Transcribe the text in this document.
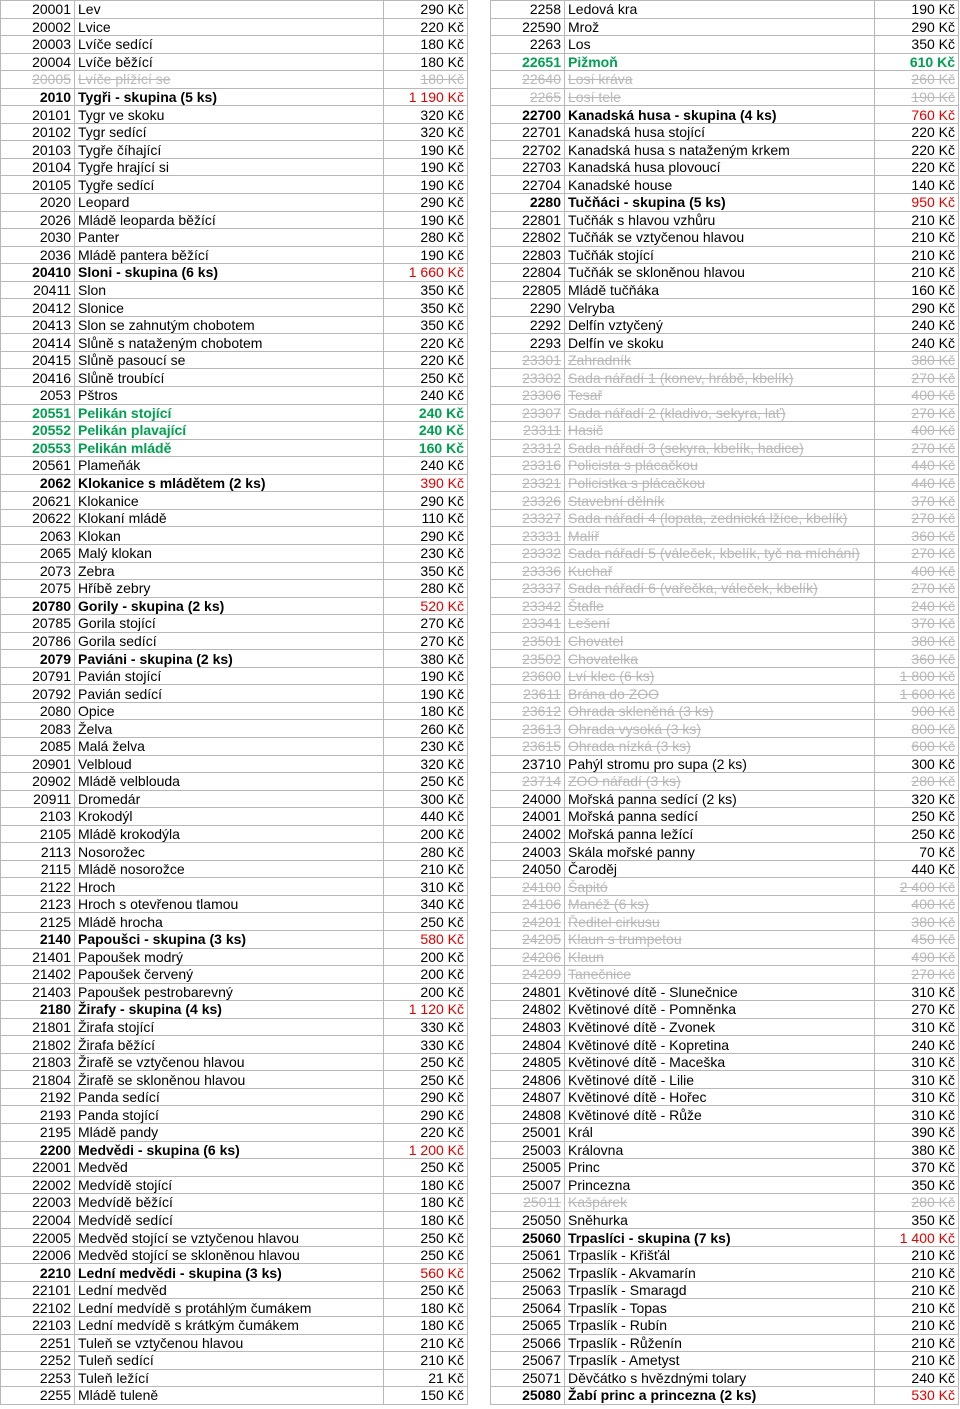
20001	Lev	290 Kč
20002	Lvice	220 Kč
20003	Lvíče sedící	180 Kč
20004	Lvíče běžící	180 Kč
20005	Lvíče plížící se	180 Kč
2010	Tygři - skupina (5 ks)	1 190 Kč
20101	Tygr ve skoku	320 Kč
20102	Tygr sedící	320 Kč
20103	Tygře číhající	190 Kč
20104	Tygře hrající si	190 Kč
20105	Tygře sedící	190 Kč
2020	Leopard	290 Kč
2026	Mládě leoparda běžící	190 Kč
2030	Panter	280 Kč
2036	Mládě pantera běžící	190 Kč
20410	Sloni - skupina (6 ks)	1 660 Kč
20411	Slon	350 Kč
20412	Slonice	350 Kč
20413	Slon se zahnutým chobotem	350 Kč
20414	Slůně s nataženým chobotem	220 Kč
20415	Slůně pasoucí se	220 Kč
20416	Slůně troubící	250 Kč
2053	Pštros	240 Kč
20551	Pelikán stojící	240 Kč
20552	Pelikán plavající	240 Kč
20553	Pelikán mládě	160 Kč
20561	Plameňák	240 Kč
2062	Klokanice s mládětem (2 ks)	390 Kč
20621	Klokanice	290 Kč
20622	Klokaní mládě	110 Kč
2063	Klokan	290 Kč
2065	Malý klokan	230 Kč
2073	Zebra	350 Kč
2075	Hříbě zebry	280 Kč
20780	Gorily - skupina (2 ks)	520 Kč
20785	Gorila stojící	270 Kč
20786	Gorila sedící	270 Kč
2079	Paviáni - skupina (2 ks)	380 Kč
20791	Pavián stojící	190 Kč
20792	Pavián sedící	190 Kč
2080	Opice	180 Kč
2083	Želva	260 Kč
2085	Malá želva	230 Kč
20901	Velbloud	320 Kč
20902	Mládě velblouda	250 Kč
20911	Dromedár	300 Kč
2103	Krokodýl	440 Kč
2105	Mládě krokodýla	200 Kč
2113	Nosorožec	280 Kč
2115	Mládě nosorožce	210 Kč
2122	Hroch	310 Kč
2123	Hroch s otevřenou tlamou	340 Kč
2125	Mládě hrocha	250 Kč
2140	Papoušci - skupina (3 ks)	580 Kč
21401	Papoušek modrý	200 Kč
21402	Papoušek červený	200 Kč
21403	Papoušek pestrobarevný	200 Kč
2180	Žirafy - skupina (4 ks)	1 120 Kč
21801	Žirafa stojící	330 Kč
21802	Žirafa běžící	330 Kč
21803	Žirafě se vztyčenou hlavou	250 Kč
21804	Žirafě se skloněnou hlavou	250 Kč
2192	Panda sedící	290 Kč
2193	Panda stojící	290 Kč
2195	Mládě pandy	220 Kč
2200	Medvědi - skupina (6 ks)	1 200 Kč
22001	Medvěd	250 Kč
22002	Medvídě stojící	180 Kč
22003	Medvídě běžící	180 Kč
22004	Medvídě sedící	180 Kč
22005	Medvěd stojící se vztyčenou hlavou	250 Kč
22006	Medvěd stojící se skloněnou hlavou	250 Kč
2210	Lední medvědi - skupina (3 ks)	560 Kč
22101	Lední medvěd	250 Kč
22102	Lední medvídě s protáhlým čumákem	180 Kč
22103	Lední medvídě s krátkým čumákem	180 Kč
2251	Tuleň se vztyčenou hlavou	210 Kč
2252	Tuleň sedící	210 Kč
2253	Tuleň ležící	21 Kč
2255	Mládě tuleně	150 Kč
2258	Ledová kra	190 Kč
22590	Mrož	290 Kč
2263	Los	350 Kč
22651	Pižmoň	610 Kč
22640	Losí kráva	260 Kč
2265	Losí tele	190 Kč
22700	Kanadská husa - skupina (4 ks)	760 Kč
22701	Kanadská husa stojící	220 Kč
22702	Kanadská husa s nataženým krkem	220 Kč
22703	Kanadská husa plovoucí	220 Kč
22704	Kanadské house	140 Kč
2280	Tučňáci - skupina (5 ks)	950 Kč
22801	Tučňák s hlavou vzhůru	210 Kč
22802	Tučňák se vztyčenou hlavou	210 Kč
22803	Tučňák stojící	210 Kč
22804	Tučňák se skloněnou hlavou	210 Kč
22805	Mládě tučňáka	160 Kč
2290	Velryba	290 Kč
2292	Delfín vztyčený	240 Kč
2293	Delfín ve skoku	240 Kč
23301	Zahradník	380 Kč
23302	Sada nářadí 1 (konev, hrábě, kbelík)	270 Kč
23306	Tesař	400 Kč
23307	Sada nářadí 2 (kladivo, sekyra, lať)	270 Kč
23311	Hasič	400 Kč
23312	Sada nářadí 3 (sekyra, kbelík, hadice)	270 Kč
23316	Policista s plácačkou	440 Kč
23321	Policistka s plácačkou	440 Kč
23326	Stavební dělník	370 Kč
23327	Sada nářadí 4 (lopata, zednická lžíce, kbelík)	270 Kč
23331	Malíř	360 Kč
23332	Sada nářadí 5 (váleček, kbelík, tyč na míchání)	270 Kč
23336	Kuchař	400 Kč
23337	Sada nářadí 6 (vařečka, váleček, kbelík)	270 Kč
23342	Štafle	240 Kč
23341	Lešení	370 Kč
23501	Chovatel	380 Kč
23502	Chovatelka	360 Kč
23600	Lví klec (6 ks)	1 800 Kč
23611	Brána do ZOO	1 600 Kč
23612	Ohrada skleněná (3 ks)	900 Kč
23613	Ohrada vysoká (3 ks)	800 Kč
23615	Ohrada nízká (3 ks)	600 Kč
23710	Pahýl stromu pro supa (2 ks)	300 Kč
23714	ZOO nářadí (3 ks)	280 Kč
24000	Mořská panna sedící (2 ks)	320 Kč
24001	Mořská panna sedící	250 Kč
24002	Mořská panna ležící	250 Kč
24003	Skála mořské panny	70 Kč
24050	Čaroděj	440 Kč
24100	Šapitó	2 400 Kč
24106	Manéž (6 ks)	400 Kč
24201	Ředitel cirkusu	380 Kč
24205	Klaun s trumpetou	450 Kč
24206	Klaun	490 Kč
24209	Tanečnice	270 Kč
24801	Květinové dítě - Slunečnice	310 Kč
24802	Květinové dítě - Pomněnka	270 Kč
24803	Květinové dítě - Zvonek	310 Kč
24804	Květinové dítě - Kopretina	240 Kč
24805	Květinové dítě - Maceška	310 Kč
24806	Květinové dítě - Lilie	310 Kč
24807	Květinové dítě - Hořec	310 Kč
24808	Květinové dítě - Růže	310 Kč
25001	Král	390 Kč
25003	Královna	380 Kč
25005	Princ	370 Kč
25007	Princezna	350 Kč
25011	Kašpárek	280 Kč
25050	Sněhurka	350 Kč
25060	Trpaslíci - skupina (7 ks)	1 400 Kč
25061	Trpaslík - Křišťál	210 Kč
25062	Trpaslík - Akvamarín	210 Kč
25063	Trpaslík - Smaragd	210 Kč
25064	Trpaslík - Topas	210 Kč
25065	Trpaslík - Rubín	210 Kč
25066	Trpaslík - Růženín	210 Kč
25067	Trpaslík - Ametyst	210 Kč
25071	Děvčátko s hvězdnými tolary	240 Kč
25080	Žabí princ a princezna (2 ks)	530 Kč
